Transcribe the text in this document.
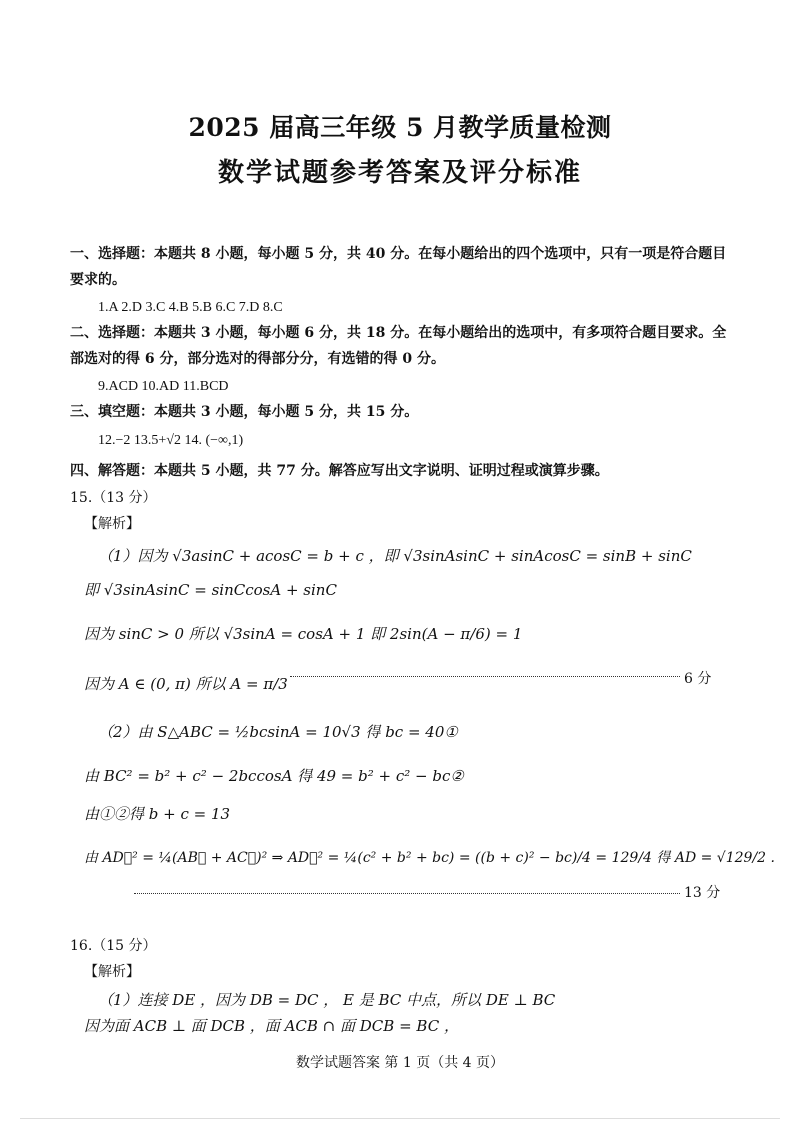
2025 届高三年级 5 月教学质量检测
数学试题参考答案及评分标准
一、选择题：本题共 8 小题，每小题 5 分，共 40 分。在每小题给出的四个选项中，只有一项是符合题目
要求的。
1.A 2.D 3.C 4.B 5.B 6.C 7.D 8.C
二、选择题：本题共 3 小题，每小题 6 分，共 18 分。在每小题给出的选项中，有多项符合题目要求。全
部选对的得 6 分，部分选对的得部分分，有选错的得 0 分。
9.ACD 10.AD 11.BCD
三、填空题：本题共 3 小题，每小题 5 分，共 15 分。
12.−2 13.5+√2 14. (−∞,1)
四、解答题：本题共 5 小题，共 77 分。解答应写出文字说明、证明过程或演算步骤。
15.（13 分）
【解析】
（1）因为 √3asinC + acosC = b + c ，即 √3sinAsinC + sinAcosC = sinB + sinC
即 √3sinAsinC = sinCcosA + sinC
因为 sinC > 0 所以 √3sinA = cosA + 1 即 2sin(A − π/6) = 1
因为 A ∈ (0, π) 所以 A = π/3	6 分
（2）由 S△ABC = ½bcsinA = 10√3 得 bc = 40①
由 BC² = b² + c² − 2bccosA 得 49 = b² + c² − bc②
由①②得 b + c = 13
由 AD⃗² = ¼(AB⃗ + AC⃗)² ⇒ AD⃗² = ¼(c² + b² + bc) = ((b + c)² − bc)/4 = 129/4 得 AD = √129/2 .
13 分
16.（15 分）
【解析】
（1）连接 DE ，因为 DB = DC ， E 是 BC 中点，所以 DE ⊥ BC
因为面 ACB ⊥ 面 DCB ，面 ACB ∩ 面 DCB = BC ，
数学试题答案 第 1 页（共 4 页）
